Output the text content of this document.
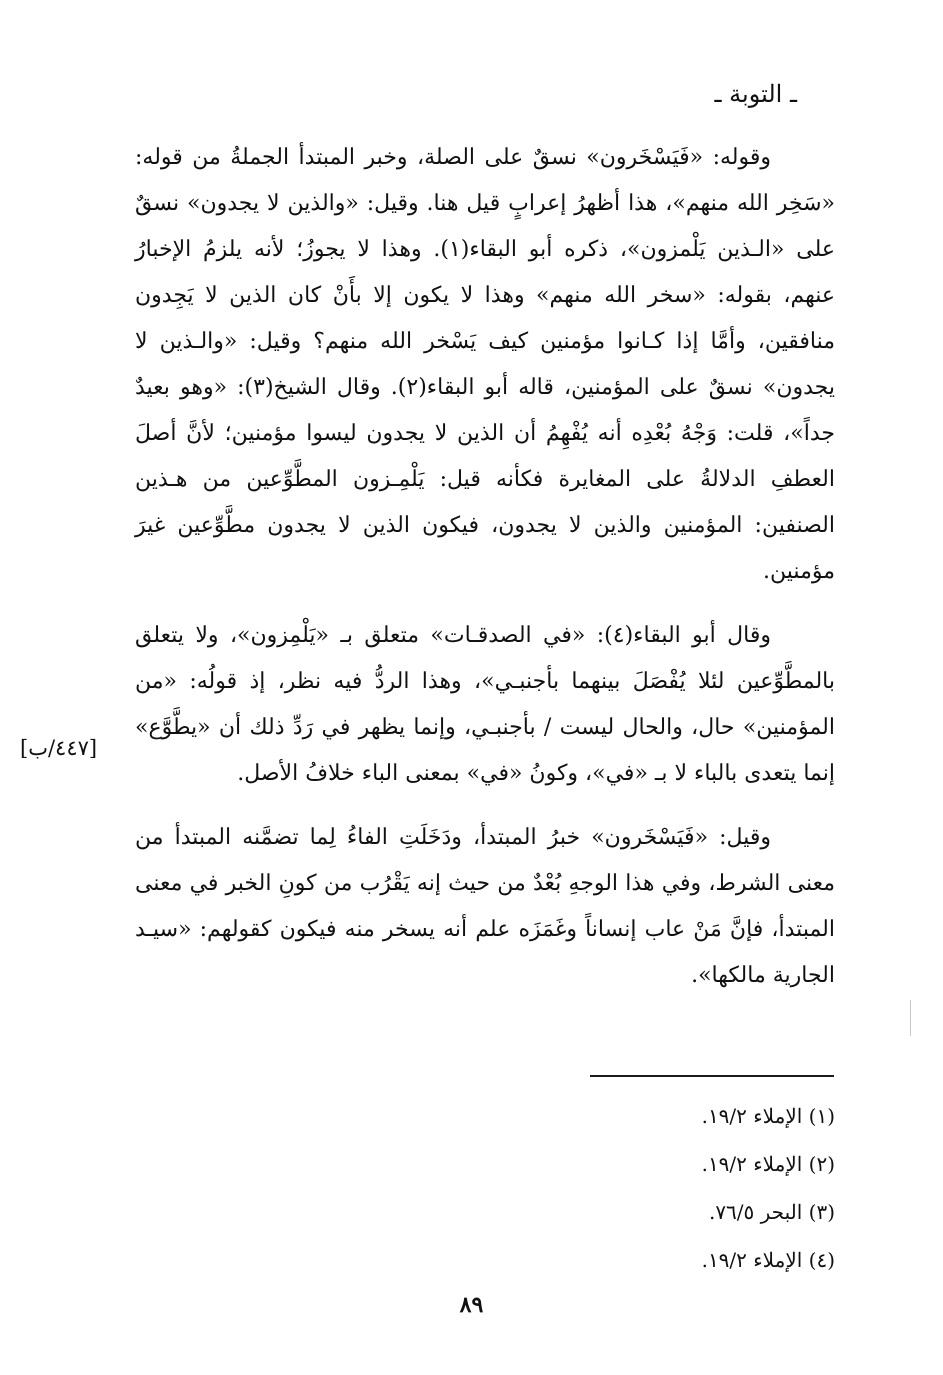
ـ التوبة ـ

وقوله: «فَيَسْخَرون» نسقٌ على الصلة، وخبر المبتدأ الجملةُ من قوله: «سَخِر الله منهم»، هذا أظهرُ إعرابٍ قيل هنا. وقيل: «والذين لا يجدون» نسقٌ على «الـذين يَلْمزون»، ذكره أبو البقاء(١). وهذا لا يجوزُ؛ لأنه يلزمُ الإخبارُ عنهم، بقوله: «سخر الله منهم» وهذا لا يكون إلا بأَنْ كان الذين لا يَجِدون منافقين، وأمَّا إذا كـانوا مؤمنين كيف يَسْخر الله منهم؟ وقيل: «والـذين لا يجدون» نسقٌ على المؤمنين، قاله أبو البقاء(٢). وقال الشيخ(٣): «وهو بعيدٌ جداً»، قلت: وَجْهُ بُعْدِه أنه يُفْهِمُ أن الذين لا يجدون ليسوا مؤمنين؛ لأنَّ أصلَ العطفِ الدلالةُ على المغايرة فكأنه قيل: يَلْمِـزون المطَّوِّعين من هـذين الصنفين: المؤمنين والذين لا يجدون، فيكون الذين لا يجدون مطَّوِّعين غيرَ مؤمنين.

وقال أبو البقاء(٤): «في الصدقـات» متعلق بـ «يَلْمِزون»، ولا يتعلق بالمطَّوِّعين لئلا يُفْصَلَ بينهما بأجنبـي»، وهذا الردُّ فيه نظر، إذ قولُه: «من المؤمنين» حال، والحال ليست / بأجنبـي، وإنما يظهر في رَدِّ ذلك أن «يطَّوَّع» إنما يتعدى بالباء لا بـ «في»، وكونُ «في» بمعنى الباء خلافُ الأصل.

وقيل: «فَيَسْخَرون» خبرُ المبتدأ، ودَخَلَتِ الفاءُ لِما تضمَّنه المبتدأ من معنى الشرط، وفي هذا الوجهِ بُعْدٌ من حيث إنه يَقْرُب من كونِ الخبر في معنى المبتدأ، فإنَّ مَنْ عاب إنساناً وغَمَزَه علم أنه يسخر منه فيكون كقولهم: «سيـد الجارية مالكها».

[٤٤٧/ب]

(١) الإملاء ١٩/٢.

(٢) الإملاء ١٩/٢.

(٣) البحر ٧٦/٥.

(٤) الإملاء ١٩/٢.

٨٩
